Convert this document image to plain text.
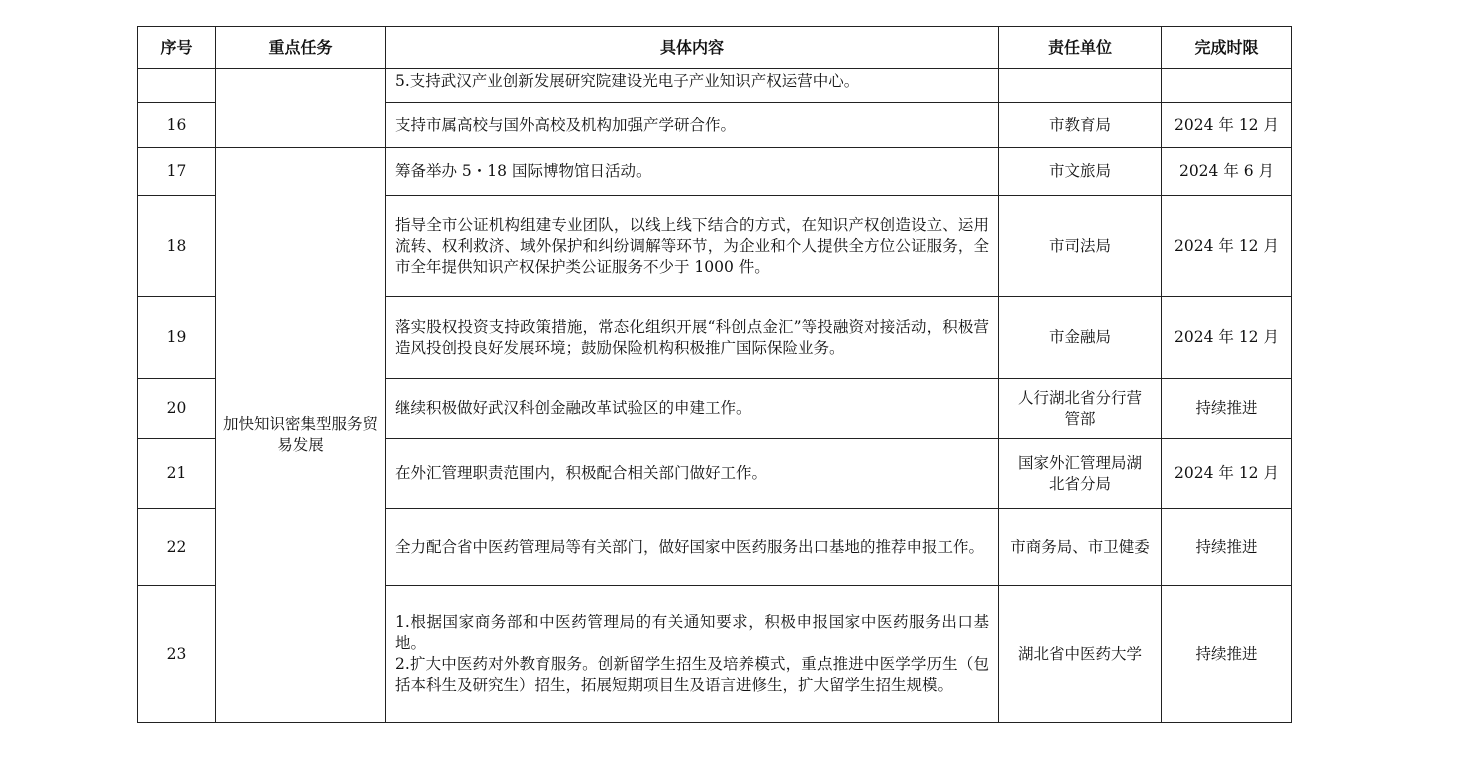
序号	重点任务	具体内容	责任单位	完成时限
		5.支持武汉产业创新发展研究院建设光电子产业知识产权运营中心。		
16		支持市属高校与国外高校及机构加强产学研合作。	市教育局	2024 年 12 月
17	加快知识密集型服务贸易发展	筹备举办 5・18 国际博物馆日活动。	市文旅局	2024 年 6 月
18		指导全市公证机构组建专业团队，以线上线下结合的方式，在知识产权创造设立、运用流转、权利救济、域外保护和纠纷调解等环节，为企业和个人提供全方位公证服务，全市全年提供知识产权保护类公证服务不少于 1000 件。	市司法局	2024 年 12 月
19		落实股权投资支持政策措施，常态化组织开展“科创点金汇”等投融资对接活动，积极营造风投创投良好发展环境；鼓励保险机构积极推广国际保险业务。	市金融局	2024 年 12 月
20		继续积极做好武汉科创金融改革试验区的申建工作。	人行湖北省分行营管部	持续推进
21		在外汇管理职责范围内，积极配合相关部门做好工作。	国家外汇管理局湖北省分局	2024 年 12 月
22		全力配合省中医药管理局等有关部门，做好国家中医药服务出口基地的推荐申报工作。	市商务局、市卫健委	持续推进
23		1.根据国家商务部和中医药管理局的有关通知要求，积极申报国家中医药服务出口基地。
2.扩大中医药对外教育服务。创新留学生招生及培养模式，重点推进中医学学历生（包括本科生及研究生）招生，拓展短期项目生及语言进修生，扩大留学生招生规模。	湖北省中医药大学	持续推进
